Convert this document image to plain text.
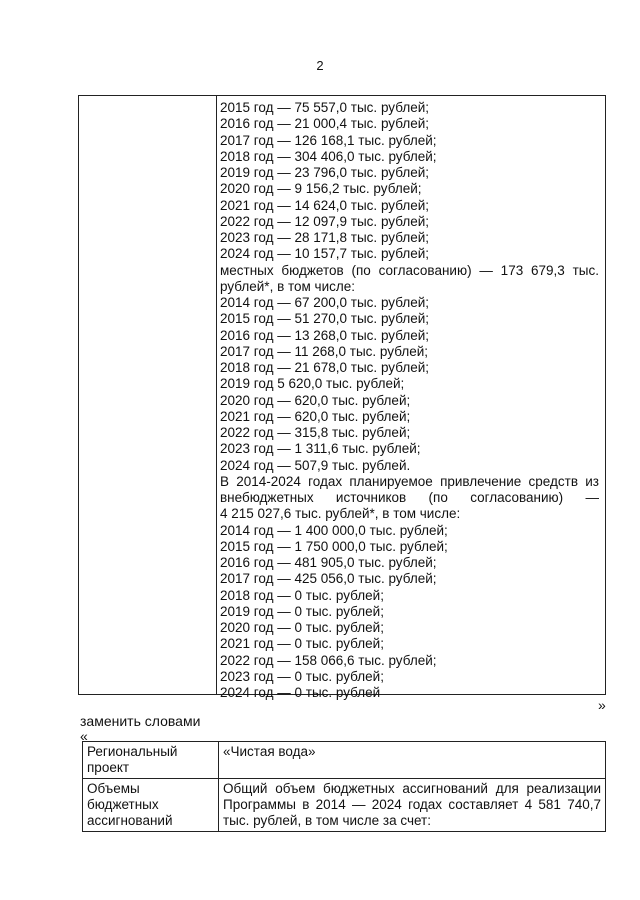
2
2015 год — 75 557,0 тыс. рублей;
2016 год — 21 000,4 тыс. рублей;
2017 год — 126 168,1 тыс. рублей;
2018 год — 304 406,0 тыс. рублей;
2019 год — 23 796,0 тыс. рублей;
2020 год — 9 156,2 тыс. рублей;
2021 год — 14 624,0 тыс. рублей;
2022 год — 12 097,9 тыс. рублей;
2023 год — 28 171,8 тыс. рублей;
2024 год — 10 157,7 тыс. рублей;
местных бюджетов (по согласованию) — 173 679,3 тыс.
рублей*, в том числе:
2014 год — 67 200,0 тыс. рублей;
2015 год — 51 270,0 тыс. рублей;
2016 год — 13 268,0 тыс. рублей;
2017 год — 11 268,0 тыс. рублей;
2018 год — 21 678,0 тыс. рублей;
2019 год 5 620,0 тыс. рублей;
2020 год — 620,0 тыс. рублей;
2021 год — 620,0 тыс. рублей;
2022 год — 315,8 тыс. рублей;
2023 год — 1 311,6 тыс. рублей;
2024 год — 507,9 тыс. рублей.
В 2014-2024 годах планируемое привлечение средств из
внебюджетных источников (по согласованию) —
4 215 027,6 тыс. рублей*, в том числе:
2014 год — 1 400 000,0 тыс. рублей;
2015 год — 1 750 000,0 тыс. рублей;
2016 год — 481 905,0 тыс. рублей;
2017 год — 425 056,0 тыс. рублей;
2018 год — 0 тыс. рублей;
2019 год — 0 тыс. рублей;
2020 год — 0 тыс. рублей;
2021 год — 0 тыс. рублей;
2022 год — 158 066,6 тыс. рублей;
2023 год — 0 тыс. рублей;
2024 год — 0 тыс. рублей
»
заменить словами
«
Региональный проект	«Чистая вода»
Объемы бюджетных ассигнований	Общий объем бюджетных ассигнований для реализации Программы в 2014 — 2024 годах составляет 4 581 740,7 тыс. рублей, в том числе за счет:
